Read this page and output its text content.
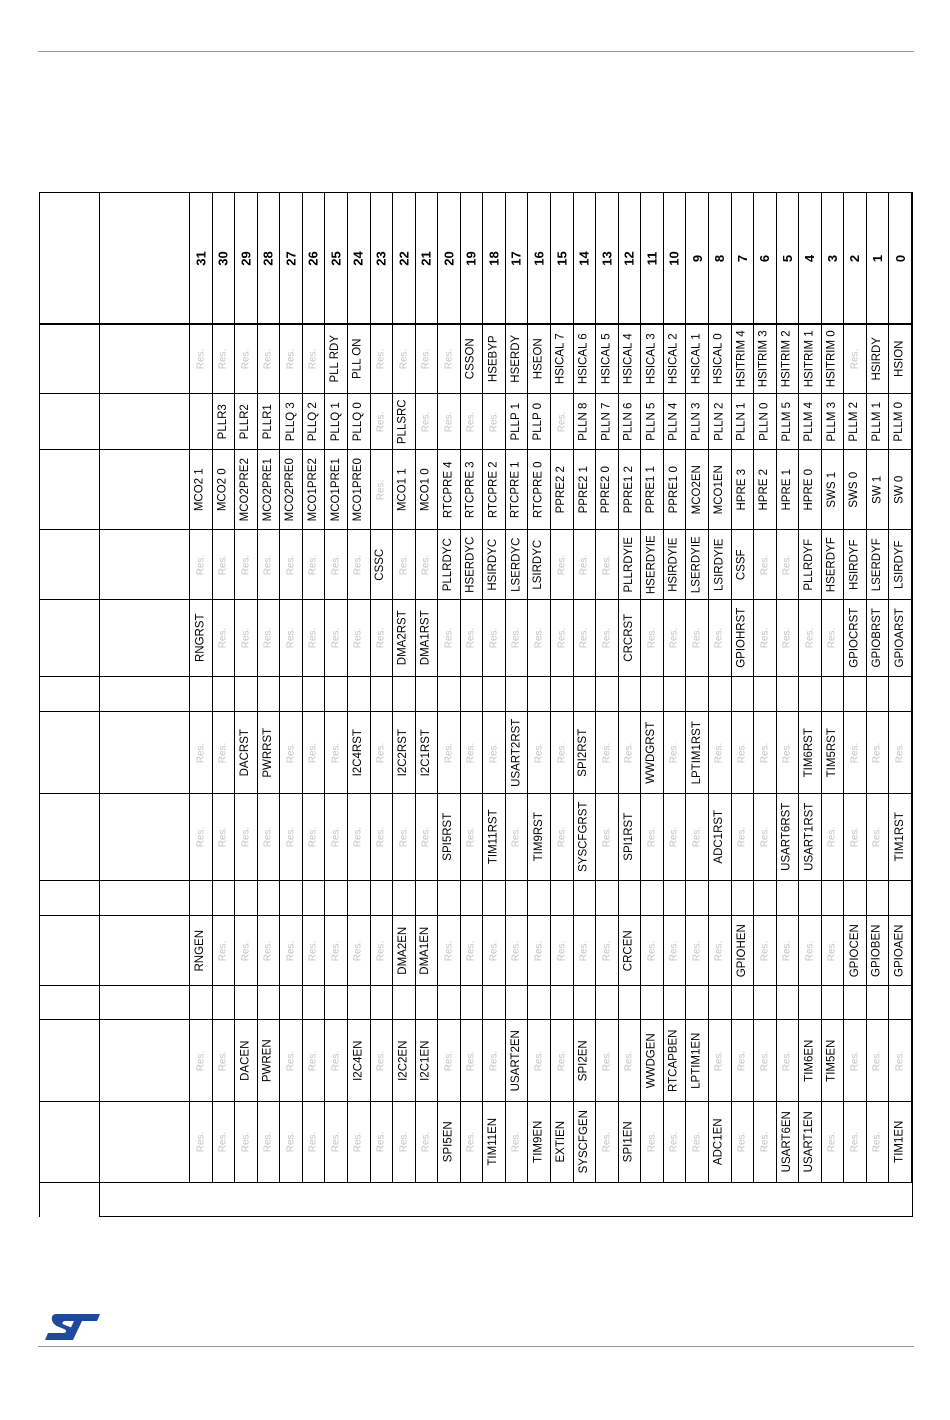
31 30 29 28 27 26 25 24 23 22 21 20 19 18 17 16 15 14 13 12 11 10 9 8 7 6 5 4 3 2 1 0
Res. Res. Res. Res. Res. Res. PLL RDY PLL ON Res. Res. Res. Res. CSSON HSEBYP HSERDY HSEON HSICAL 7 HSICAL 6 HSICAL 5 HSICAL 4 HSICAL 3 HSICAL 2 HSICAL 1 HSICAL 0 HSITRIM 4 HSITRIM 3 HSITRIM 2 HSITRIM 1 HSITRIM 0 Res. HSIRDY HSION
PLLR3 PLLR2 PLLR1 PLLQ 3 PLLQ 2 PLLQ 1 PLLQ 0 Res. PLLSRC Res. Res. Res. Res. PLLP 1 PLLP 0 Res. PLLN 8 PLLN 7 PLLN 6 PLLN 5 PLLN 4 PLLN 3 PLLN 2 PLLN 1 PLLN 0 PLLM 5 PLLM 4 PLLM 3 PLLM 2 PLLM 1 PLLM 0
MCO2 1 MCO2 0 MCO2PRE2 MCO2PRE1 MCO2PRE0 MCO1PRE2 MCO1PRE1 MCO1PRE0 Res. MCO1 1 MCO1 0 RTCPRE 4 RTCPRE 3 RTCPRE 2 RTCPRE 1 RTCPRE 0 PPRE2 2 PPRE2 1 PPRE2 0 PPRE1 2 PPRE1 1 PPRE1 0 MCO2EN MCO1EN HPRE 3 HPRE 2 HPRE 1 HPRE 0 SWS 1 SWS 0 SW 1 SW 0
Res. Res. Res. Res. Res. Res. Res. Res. CSSC Res. Res. PLLRDYC HSERDYC HSIRDYC LSERDYC LSIRDYC Res. Res. Res. PLLRDYIE HSERDYIE HSIRDYIE LSERDYIE LSIRDYIE CSSF Res. Res. PLLRDYF HSERDYF HSIRDYF LSERDYF LSIRDYF
RNGRST Res. Res. Res. Res. Res. Res. Res. Res. DMA2RST DMA1RST Res. Res. Res. Res. Res. Res. Res. Res. CRCRST Res. Res. Res. Res. GPIOHRST Res. Res. Res. Res. GPIOCRST GPIOBRST GPIOARST
Res. Res. DACRST PWRRST Res. Res. Res. I2C4RST Res. I2C2RST I2C1RST Res. Res. Res. USART2RST Res. Res. SPI2RST Res. Res. WWDGRST Res. LPTIM1RST Res. Res. Res. Res. TIM6RST TIM5RST Res. Res. Res.
Res. Res. Res. Res. Res. Res. Res. Res. Res. Res. Res. SPI5RST Res. TIM11RST Res. TIM9RST Res. SYSCFGRST Res. SPI1RST Res. Res. Res. ADC1RST Res. Res. USART6RST USART1RST Res. Res. Res. TIM1RST
RNGEN Res. Res. Res. Res. Res. Res. Res. Res. DMA2EN DMA1EN Res. Res. Res. Res. Res. Res. Res. Res. CRCEN Res. Res. Res. Res. GPIOHEN Res. Res. Res. Res. GPIOCEN GPIOBEN GPIOAEN
Res. Res. DACEN PWREN Res. Res. Res. I2C4EN Res. I2C2EN I2C1EN Res. Res. Res. USART2EN Res. Res. SPI2EN Res. Res. WWDGEN RTCAPBEN LPTIM1EN Res. Res. Res. Res. TIM6EN TIM5EN Res. Res. Res.
Res. Res. Res. Res. Res. Res. Res. Res. Res. Res. Res. SPI5EN Res. TIM11EN Res. TIM9EN EXTIEN SYSCFGEN Res. SPI1EN Res. Res. Res. ADC1EN Res. Res. USART6EN USART1EN Res. Res. Res. TIM1EN
